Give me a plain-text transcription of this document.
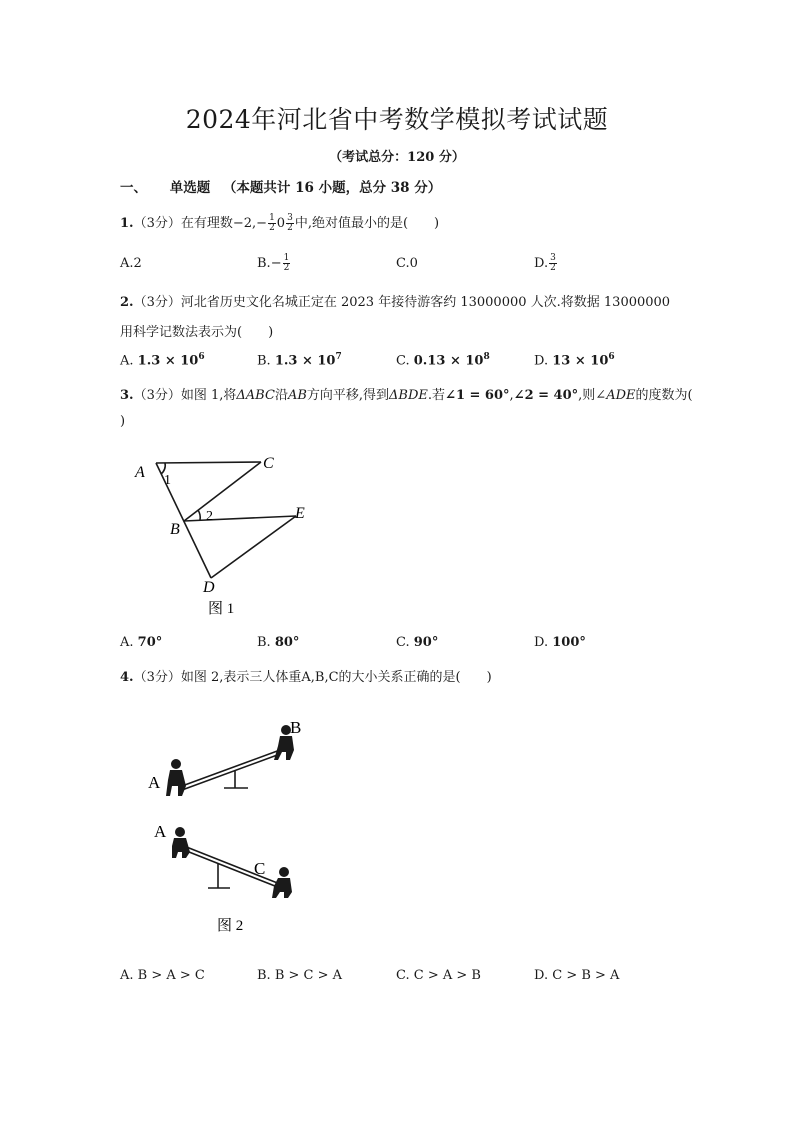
2024年河北省中考数学模拟考试试题
（考试总分：120 分）
一、 单选题 （本题共计 16 小题，总分 38 分）
1.（3分）在有理数$-2,- \frac{1}{2} 0 \frac{3}{2}$ 中,绝对值最小的是(　　)
A.2	$B.- \frac{1}{2}$	C.0	D. $\frac{3}{2}$
2.（3分）河北省历史文化名城正定在 2023 年接待游客约 13000000 人次.将数据 13000000
用科学记数法表示为(　　)
A. $1.3 \times 10^6$	B. $1.3 \times 10^7$	C. $0.13 \times 10^8$	D. $13 \times 10^6$
3.（3分）如图 1,将ΔABC沿AB方向平移,得到ΔBDE.若∠1 = 60°,∠2 = 40°,则∠ADE的度数为(
)
A 1
C
2
B
E
D
图 1
A. 70°	B. 80°	C. 90°	D. 100°
4.（3分）如图 2,表示三人体重A,B,C的大小关系正确的是(　　)
A
B
A
C
图 2
A. B > A > C	B. B > C > A	C. C > A > B	D. C > B > A
